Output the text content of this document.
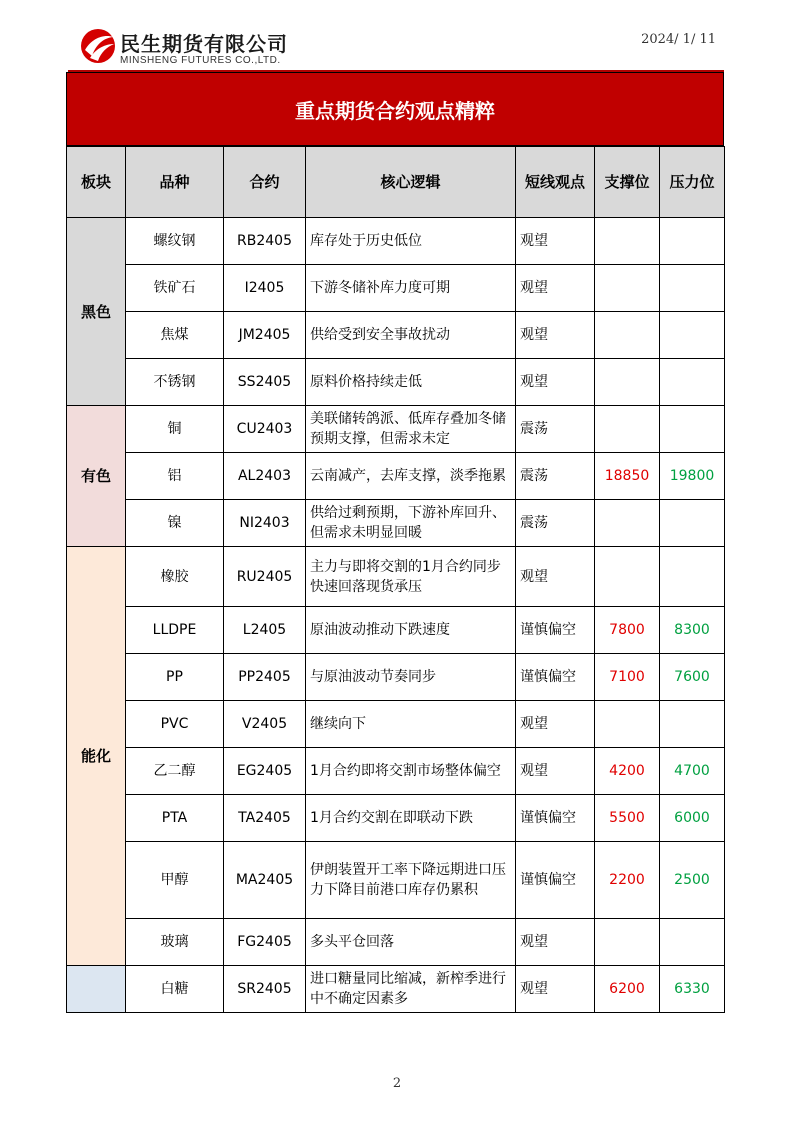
民生期货有限公司
MINSHENG FUTURES CO.,LTD.
2024/ 1/ 11
重点期货合约观点精粹
板块	品种	合约	核心逻辑	短线观点	支撑位	压力位
黑色	螺纹钢	RB2405	库存处于历史低位	观望		
	铁矿石	I2405	下游冬储补库力度可期	观望		
	焦煤	JM2405	供给受到安全事故扰动	观望		
	不锈钢	SS2405	原料价格持续走低	观望		
有色	铜	CU2403	美联储转鸽派、低库存叠加冬储预期支撑，但需求未定	震荡		
	铝	AL2403	云南减产，去库支撑，淡季拖累	震荡	18850	19800
	镍	NI2403	供给过剩预期，下游补库回升、但需求未明显回暖	震荡		
能化	橡胶	RU2405	主力与即将交割的1月合约同步快速回落现货承压	观望		
	LLDPE	L2405	原油波动推动下跌速度	谨慎偏空	7800	8300
	PP	PP2405	与原油波动节奏同步	谨慎偏空	7100	7600
	PVC	V2405	继续向下	观望		
	乙二醇	EG2405	1月合约即将交割市场整体偏空	观望	4200	4700
	PTA	TA2405	1月合约交割在即联动下跌	谨慎偏空	5500	6000
	甲醇	MA2405	伊朗装置开工率下降远期进口压力下降目前港口库存仍累积	谨慎偏空	2200	2500
	玻璃	FG2405	多头平仓回落	观望		
	白糖	SR2405	进口糖量同比缩减，新榨季进行中不确定因素多	观望	6200	6330
2
